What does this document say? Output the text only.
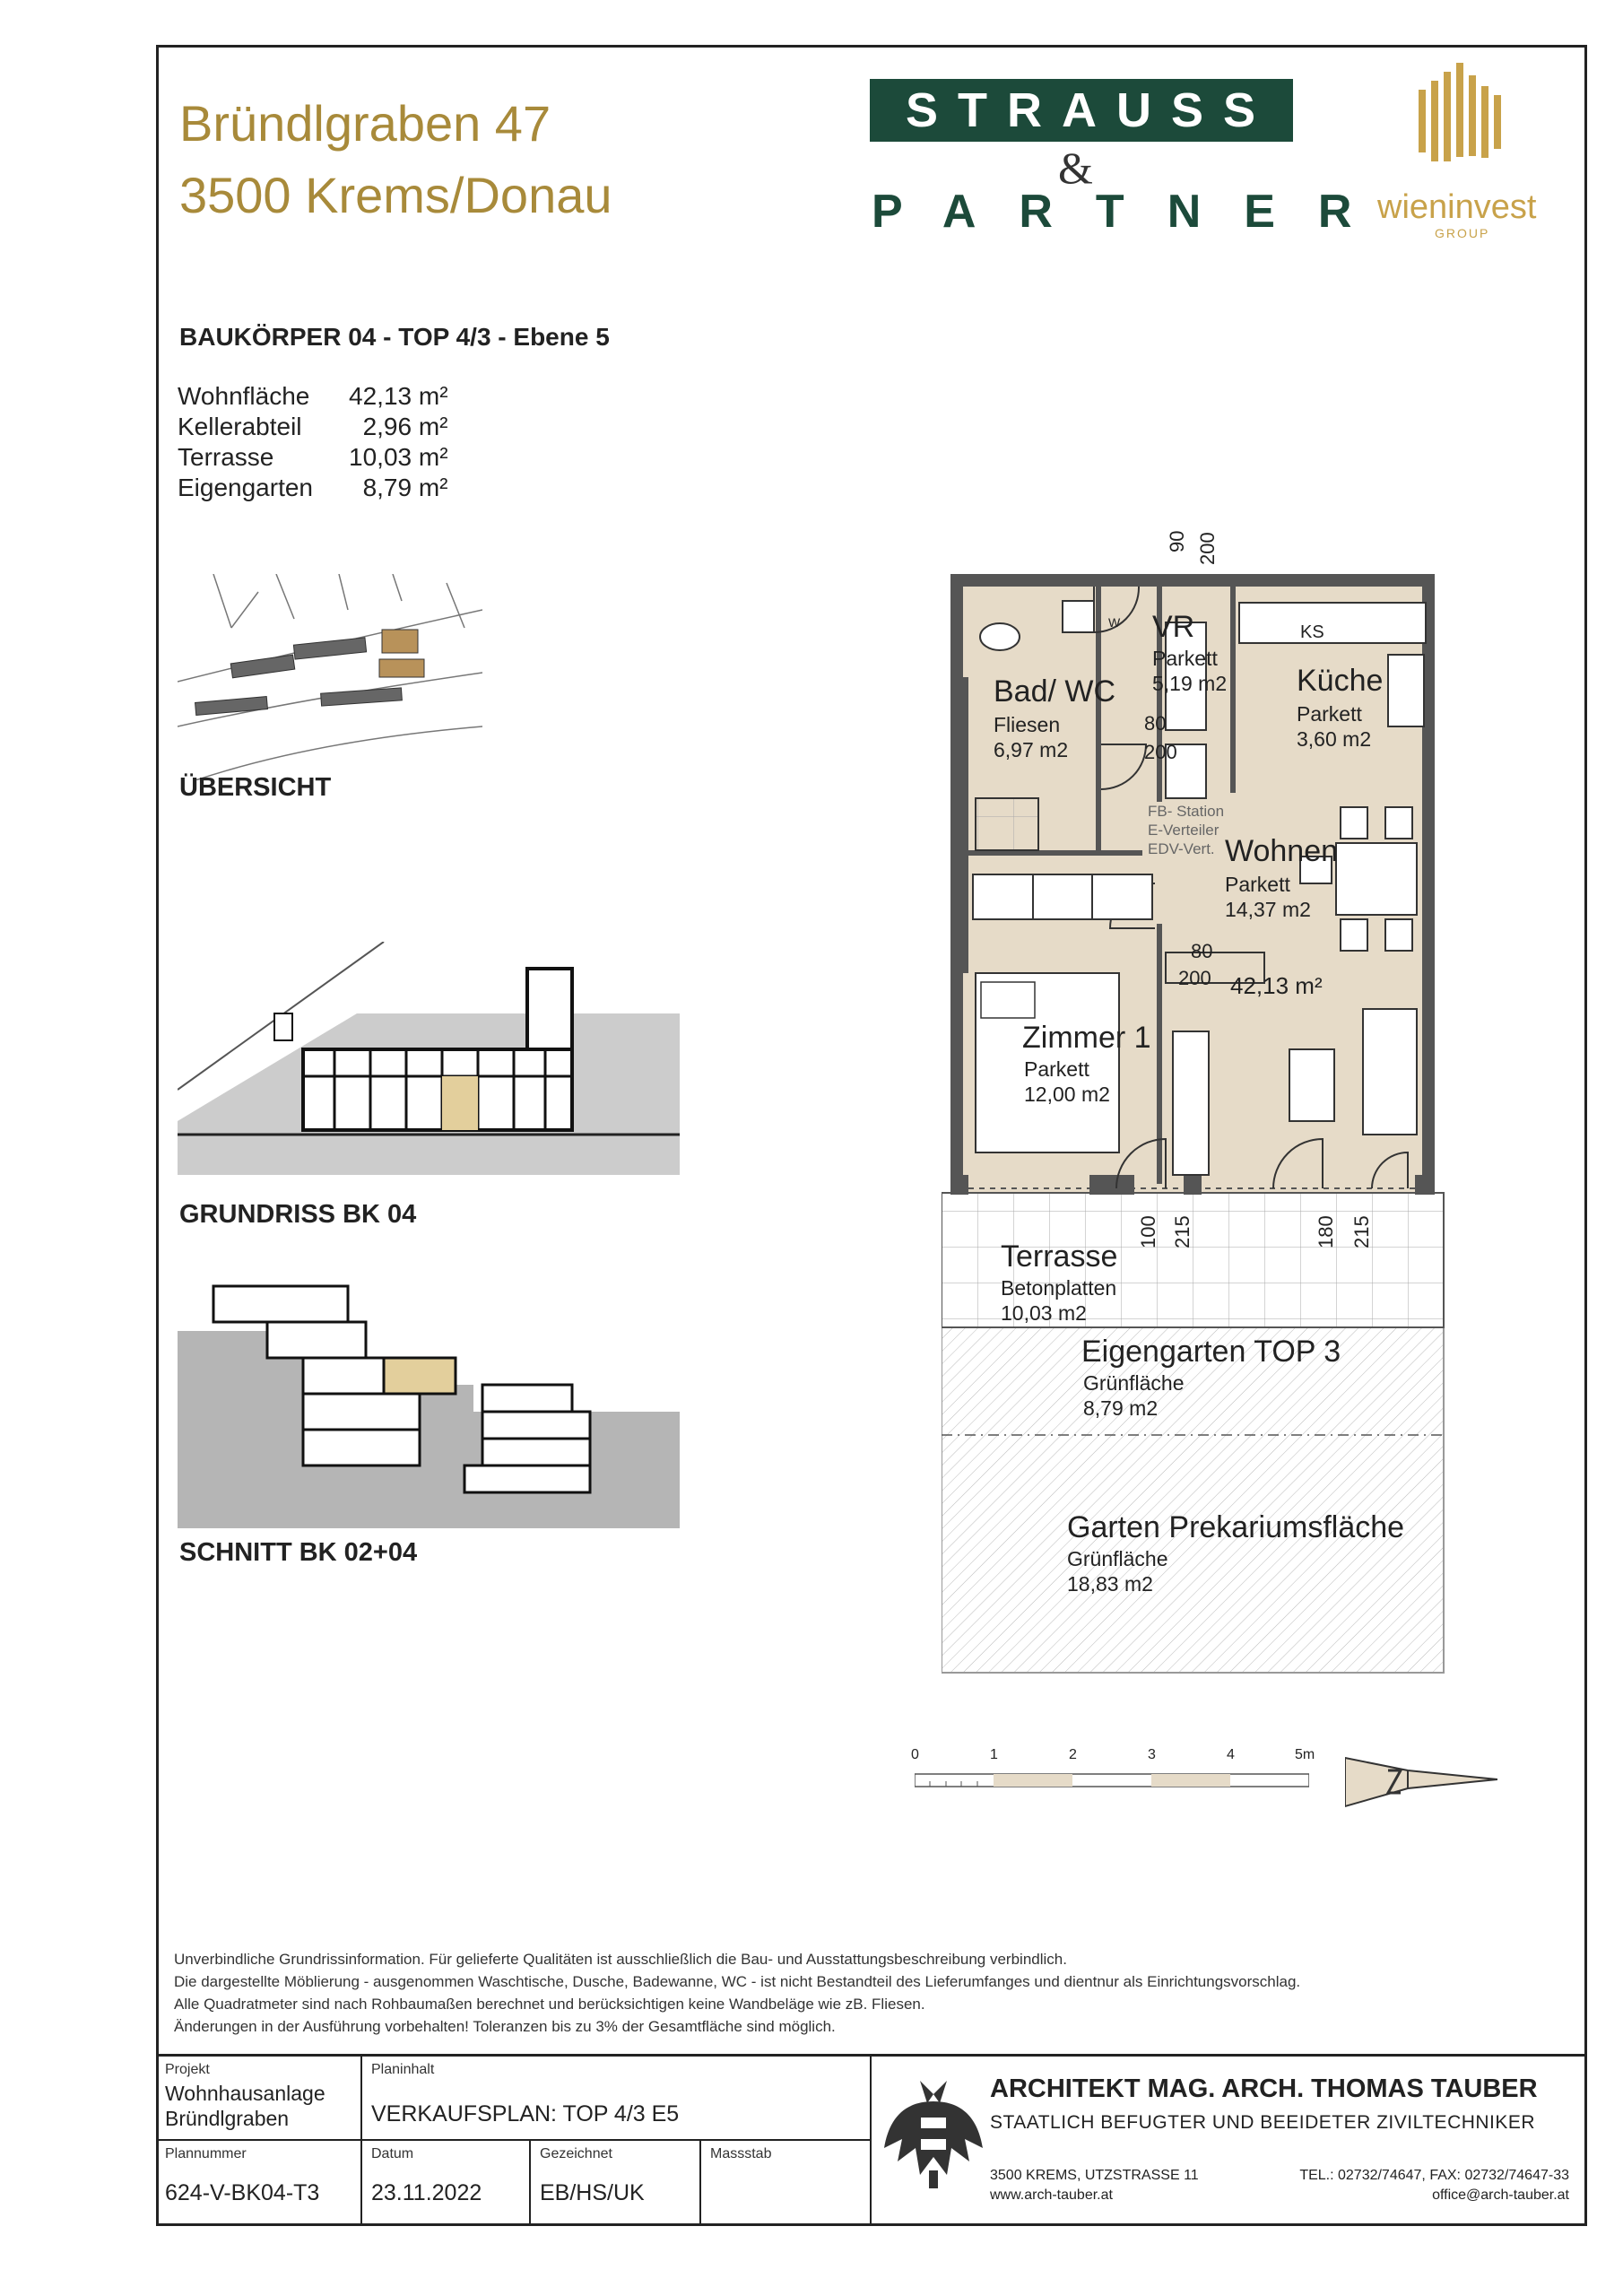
Bründlgraben 47
3500 Krems/Donau
STRAUSS
&
PARTNER
wieninvest
GROUP
BAUKÖRPER 04 - TOP 4/3 - Ebene 5
Wohnfläche	42,13 m²
Kellerabteil	2,96 m²
Terrasse	10,03 m²
Eigengarten	8,79 m²
ÜBERSICHT
GRUNDRISS BK 04
SCHNITT BK 02+04
VR
Parkett
5,19 m2
Bad/ WC
Fliesen
6,97 m2
Küche
Parkett
3,60 m2
Wohnen
Parkett
14,37 m2
Zimmer 1
Parkett
12,00 m2
Terrasse
Betonplatten
10,03 m2
Eigengarten TOP 3
Grünfläche
8,79 m2
Garten Prekariumsfläche
Grünfläche
18,83 m2
42,13 m²
KS
W
FB- Station
E-Verteiler
EDV-Vert.
90 200
80
200
80
200
100 215	180 215
0	1	2	3	4	5m
Unverbindliche Grundrissinformation. Für gelieferte Qualitäten ist ausschließlich die Bau- und Ausstattungsbeschreibung verbindlich.
Die dargestellte Möblierung - ausgenommen Waschtische, Dusche, Badewanne, WC - ist nicht Bestandteil des Lieferumfanges und dientnur als Einrichtungsvorschlag.
Alle Quadratmeter sind nach Rohbaumaßen berechnet und berücksichtigen keine Wandbeläge wie zB. Fliesen.
Änderungen in der Ausführung vorbehalten! Toleranzen bis zu 3% der Gesamtfläche sind möglich.
Projekt
Wohnhausanlage
Bründlgraben
Planinhalt
VERKAUFSPLAN: TOP 4/3 E5
Plannummer
624-V-BK04-T3
Datum
23.11.2022
Gezeichnet
EB/HS/UK
Massstab
ARCHITEKT MAG. ARCH. THOMAS TAUBER
STAATLICH BEFUGTER UND BEEIDETER ZIVILTECHNIKER
3500 KREMS, UTZSTRASSE 11
www.arch-tauber.at
TEL.: 02732/74647, FAX: 02732/74647-33
office@arch-tauber.at
